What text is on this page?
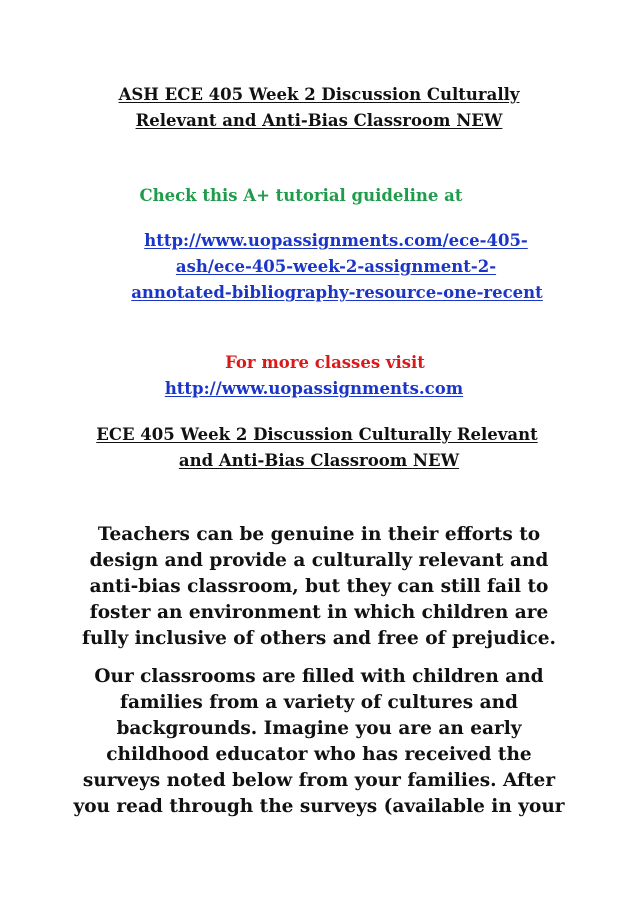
ASH ECE 405 Week 2 Discussion Culturally
Relevant and Anti-Bias Classroom NEW
Check this A+ tutorial guideline at
http://www.uopassignments.com/ece-405-
ash/ece-405-week-2-assignment-2-
annotated-bibliography-resource-one-recent
For more classes visit
http://www.uopassignments.com
ECE 405 Week 2 Discussion Culturally Relevant
and Anti-Bias Classroom NEW
Teachers can be genuine in their efforts to
design and provide a culturally relevant and
anti-bias classroom, but they can still fail to
foster an environment in which children are
fully inclusive of others and free of prejudice.
Our classrooms are filled with children and
families from a variety of cultures and
backgrounds. Imagine you are an early
childhood educator who has received the
surveys noted below from your families. After
you read through the surveys (available in your
